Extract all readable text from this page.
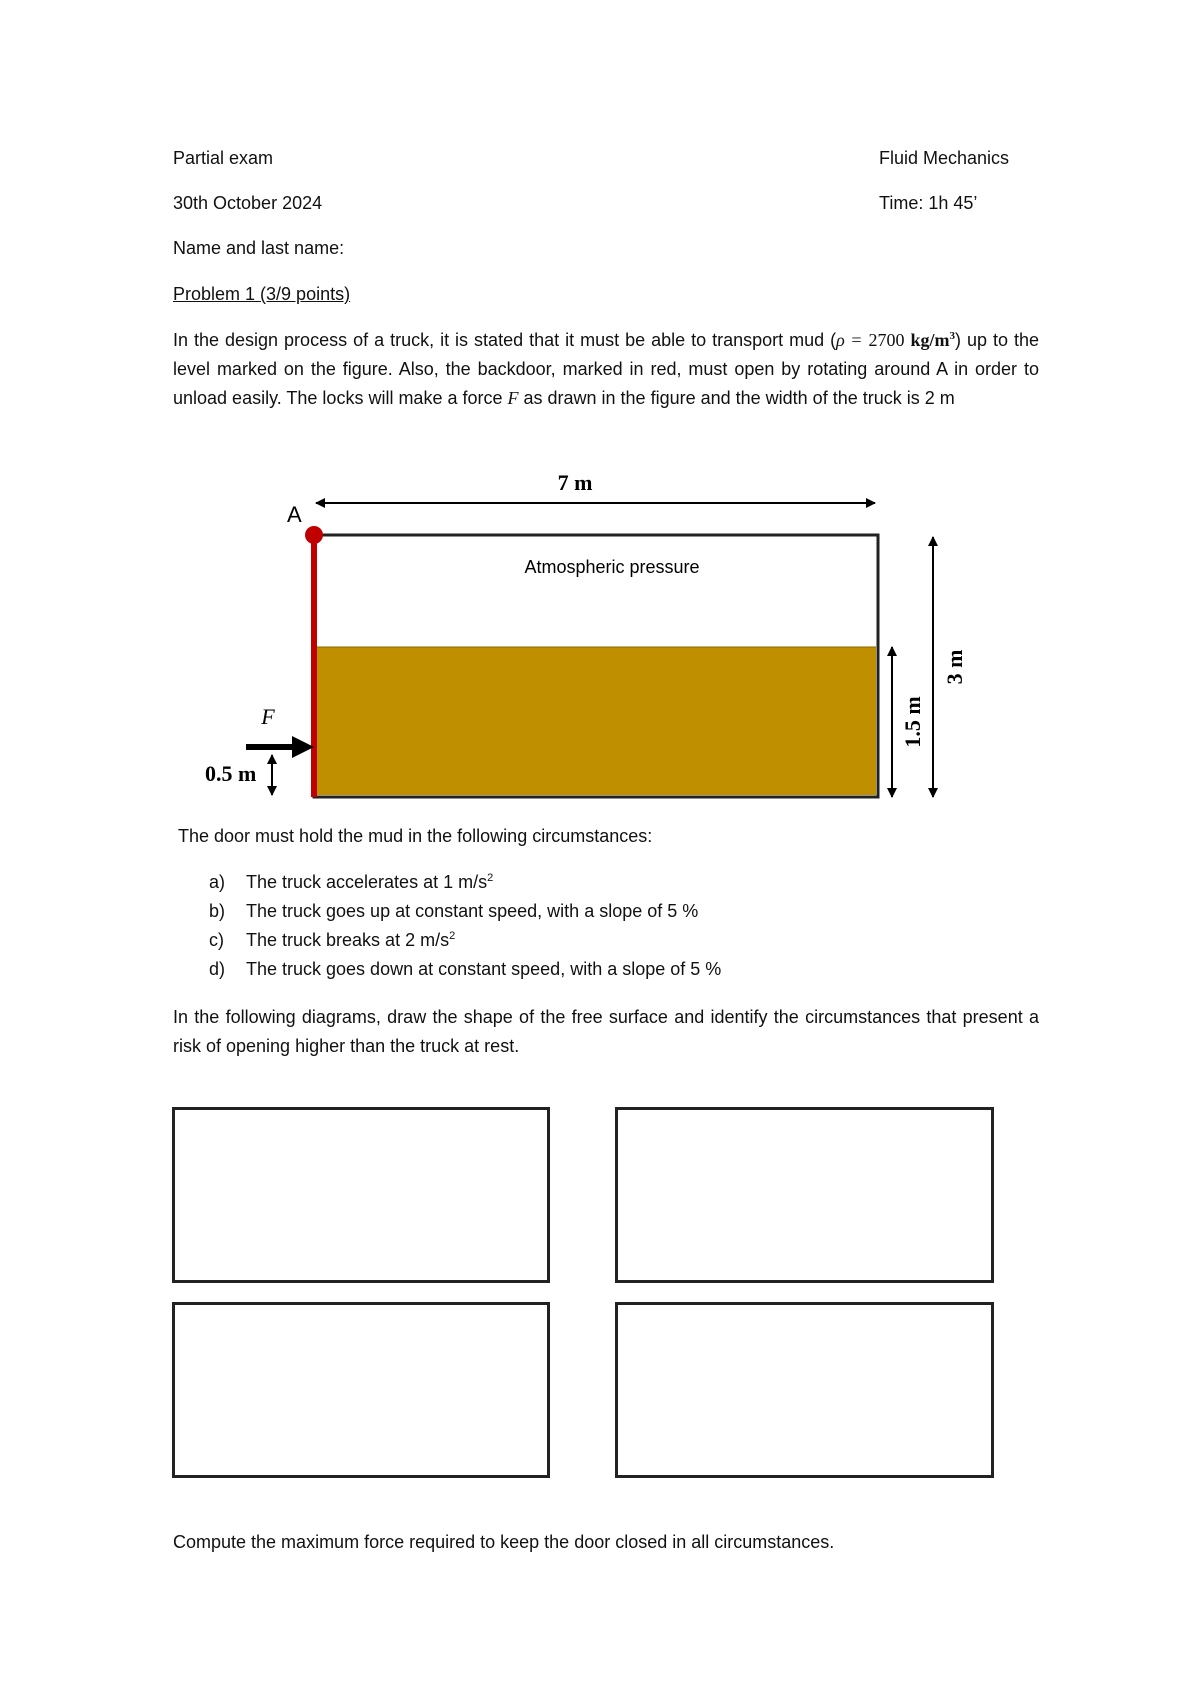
Partial exam	Fluid Mechanics
30th October 2024	Time: 1h 45’
Name and last name:
Problem 1 (3/9 points)
In the design process of a truck, it is stated that it must be able to transport mud (ρ = 2700 $kg/m^3$) up to the level marked on the figure. Also, the backdoor, marked in red, must open by rotating around A in order to unload easily. The locks will make a force F as drawn in the figure and the width of the truck is 2 m
7 m
A
Atmospheric pressure
F
0.5 m
1.5 m
3 m
The door must hold the mud in the following circumstances:
a)	The truck accelerates at 1 $m/s^2$
b)	The truck goes up at constant speed, with a slope of 5 %
c)	The truck breaks at 2 $m/s^2$
d)	The truck goes down at constant speed, with a slope of 5 %
In the following diagrams, draw the shape of the free surface and identify the circumstances that present a risk of opening higher than the truck at rest.
Compute the maximum force required to keep the door closed in all circumstances.
